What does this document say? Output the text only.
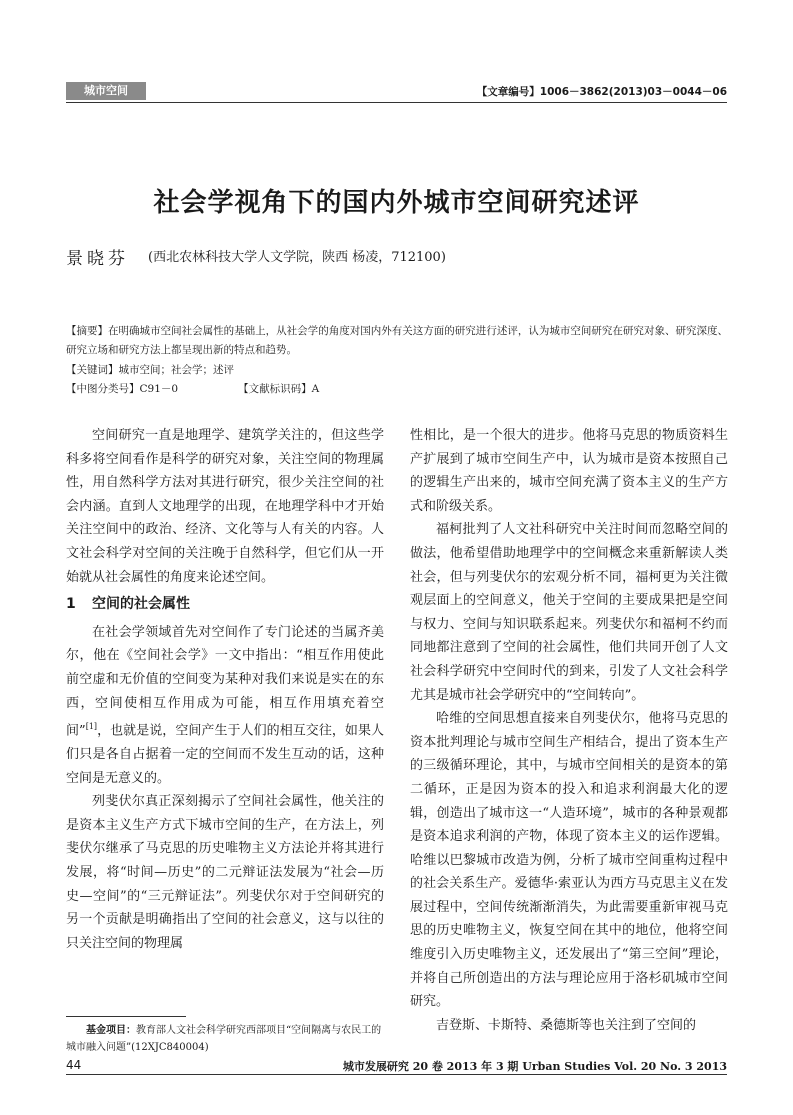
城市空间	【文章编号】1006－3862(2013)03－0044－06
社会学视角下的国内外城市空间研究述评
景晓芬 (西北农林科技大学人文学院，陕西 杨凌，712100)
【摘要】在明确城市空间社会属性的基础上，从社会学的角度对国内外有关这方面的研究进行述评，认为城市空间研究在研究对象、研究深度、研究立场和研究方法上都呈现出新的特点和趋势。
【关键词】城市空间；社会学；述评
【中图分类号】C91－0	【文献标识码】A

空间研究一直是地理学、建筑学关注的，但这些学科多将空间看作是科学的研究对象，关注空间的物理属性，用自然科学方法对其进行研究，很少关注空间的社会内涵。直到人文地理学的出现，在地理学科中才开始关注空间中的政治、经济、文化等与人有关的内容。人文社会科学对空间的关注晚于自然科学，但它们从一开始就从社会属性的角度来论述空间。

1 空间的社会属性

在社会学领域首先对空间作了专门论述的当属齐美尔，他在《空间社会学》一文中指出：“相互作用使此前空虚和无价值的空间变为某种对我们来说是实在的东西，空间使相互作用成为可能，相互作用填充着空间”[1]，也就是说，空间产生于人们的相互交往，如果人们只是各自占据着一定的空间而不发生互动的话，这种空间是无意义的。

列斐伏尔真正深刻揭示了空间社会属性，他关注的是资本主义生产方式下城市空间的生产，在方法上，列斐伏尔继承了马克思的历史唯物主义方法论并将其进行发展，将“时间—历史”的二元辩证法发展为“社会—历史—空间”的“三元辩证法”。列斐伏尔对于空间研究的另一个贡献是明确指出了空间的社会意义，这与以往的只关注空间的物理属

性相比，是一个很大的进步。他将马克思的物质资料生产扩展到了城市空间生产中，认为城市是资本按照自己的逻辑生产出来的，城市空间充满了资本主义的生产方式和阶级关系。

福柯批判了人文社科研究中关注时间而忽略空间的做法，他希望借助地理学中的空间概念来重新解读人类社会，但与列斐伏尔的宏观分析不同，福柯更为关注微观层面上的空间意义，他关于空间的主要成果把是空间与权力、空间与知识联系起来。列斐伏尔和福柯不约而同地都注意到了空间的社会属性，他们共同开创了人文社会科学研究中空间时代的到来，引发了人文社会科学尤其是城市社会学研究中的“空间转向”。

哈维的空间思想直接来自列斐伏尔，他将马克思的资本批判理论与城市空间生产相结合，提出了资本生产的三级循环理论，其中，与城市空间相关的是资本的第二循环，正是因为资本的投入和追求利润最大化的逻辑，创造出了城市这一“人造环境”，城市的各种景观都是资本追求利润的产物，体现了资本主义的运作逻辑。哈维以巴黎城市改造为例，分析了城市空间重构过程中的社会关系生产。爱德华·索亚认为西方马克思主义在发展过程中，空间传统渐渐消失，为此需要重新审视马克思的历史唯物主义，恢复空间在其中的地位，他将空间维度引入历史唯物主义，还发展出了“第三空间”理论，并将自己所创造出的方法与理论应用于洛杉矶城市空间研究。

吉登斯、卡斯特、桑德斯等也关注到了空间的

基金项目：教育部人文社会科学研究西部项目“空间隔离与农民工的城市融入问题”(12XJC840004)
44	城市发展研究 20 卷 2013 年 3 期 Urban Studies Vol. 20 No. 3 2013
